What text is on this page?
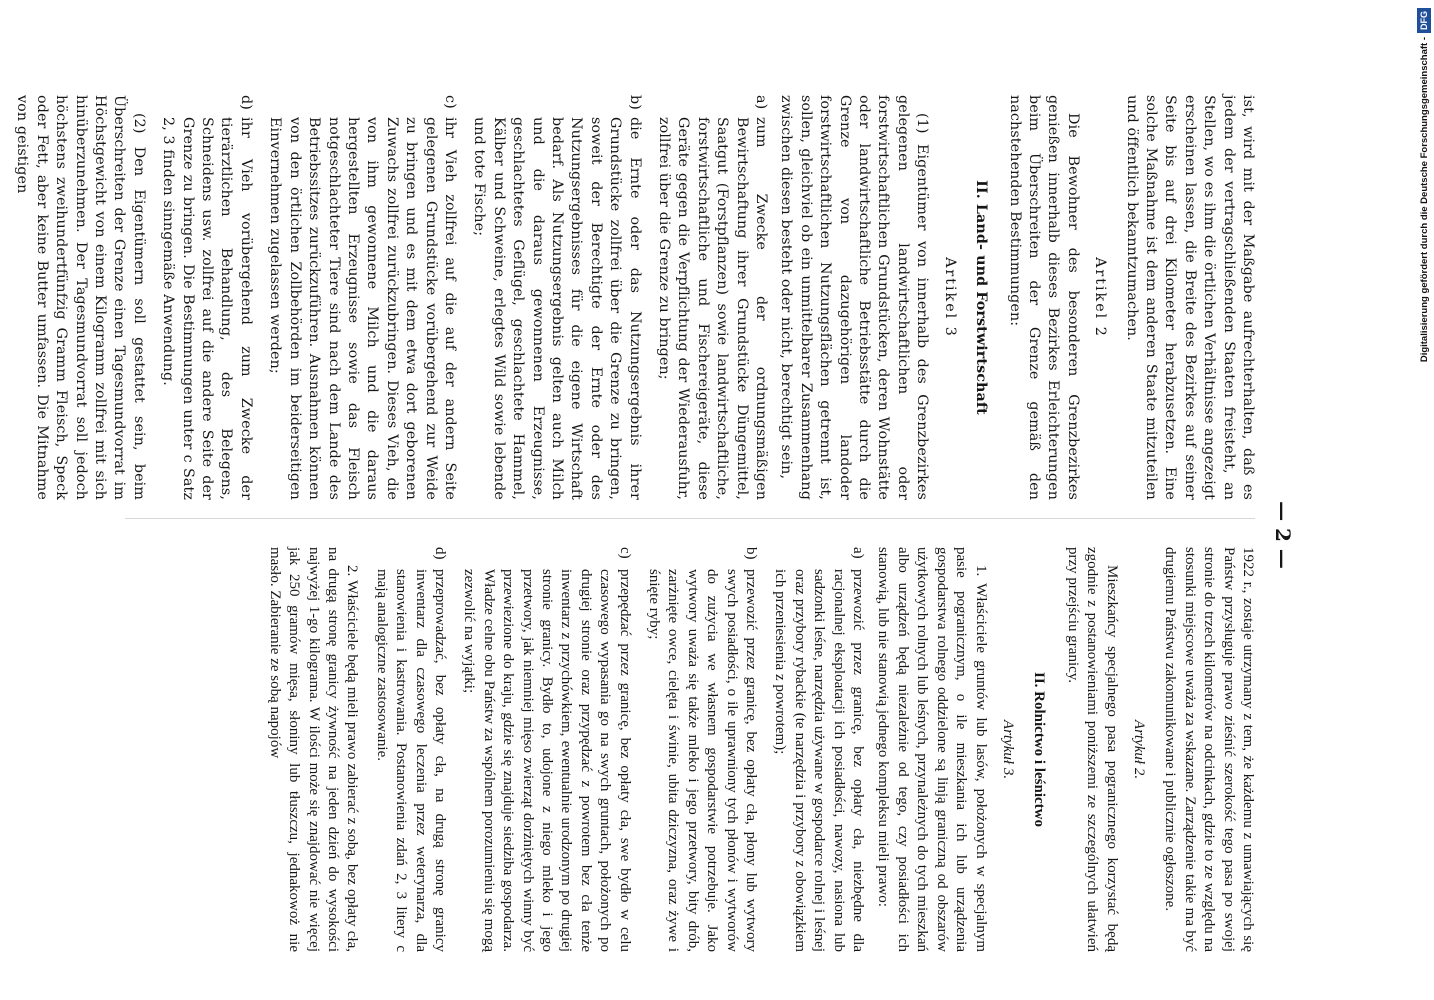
— 2 —

ist, wird mit der Maßgabe aufrechterhalten, daß es jedem der vertragschließenden Staaten freisteht, an Stellen, wo es ihm die örtlichen Verhältnisse angezeigt erscheinen lassen, die Breite des Bezirkes auf seiner Seite bis auf drei Kilometer herabzusetzen. Eine solche Maßnahme ist dem anderen Staate mitzuteilen und öffentlich bekanntzumachen.

Artikel 2

Die Bewohner des besonderen Grenzbezirkes genießen innerhalb dieses Bezirkes Erleichterungen beim Überschreiten der Grenze gemäß den nachstehenden Bestimmungen:

II. Land- und Forstwirtschaft
Artikel 3

(1) Eigentümer von innerhalb des Grenzbezirkes gelegenen landwirtschaftlichen oder forstwirtschaftlichen Grundstücken, deren Wohnstätte oder landwirtschaftliche Betriebsstätte durch die Grenze von dazugehörigen landoder forstwirtschaftlichen Nutzungsflächen getrennt ist, sollen, gleichviel ob ein unmittelbarer Zusammenhang zwischen diesen besteht oder nicht, berechtigt sein,

a)
zum Zwecke der ordnungsmäßigen Bewirtschaftung ihrer Grundstücke Düngemittel, Saatgut (Forstpflanzen) sowie landwirtschaftliche, forstwirtschaftliche und Fischereigeräte, diese Geräte gegen die Verpflichtung der Wiederausfuhr, zollfrei über die Grenze zu bringen;
b)
die Ernte oder das Nutzungsergebnis ihrer Grundstücke zollfrei über die Grenze zu bringen, soweit der Berechtigte der Ernte oder des Nutzungsergebnisses für die eigene Wirtschaft bedarf. Als Nutzungsergebnis gelten auch Milch und die daraus gewonnenen Erzeugnisse, geschlachtetes Geflügel, geschlachtete Hammel, Kälber und Schweine, erlegtes Wild sowie lebende und tote Fische;
c)
ihr Vieh zollfrei auf die auf der andern Seite gelegenen Grundstücke vorübergehend zur Weide zu bringen und es mit dem etwa dort geborenen Zuwachs zollfrei zurückzubringen. Dieses Vieh, die von ihm gewonnene Milch und die daraus hergestellten Erzeugnisse sowie das Fleisch notgeschlachteter Tiere sind nach dem Lande des Betriebssitzes zurückzuführen. Ausnahmen können von den örtlichen Zollbehörden im beiderseitigen Einvernehmen zugelassen werden;
d)
ihr Vieh vorübergehend zum Zwecke der tierärztlichen Behandlung, des Belegens, Schneidens usw. zollfrei auf die andere Seite der Grenze zu bringen. Die Bestimmungen unter c Satz 2, 3 finden sinngemäße Anwendung.

(2) Den Eigentümern soll gestattet sein, beim Überschreiten der Grenze einen Tagesmundvorrat im Höchstgewicht von einem Kilogramm zollfrei mit sich hinüberzunehmen. Der Tagesmundvorrat soll jedoch höchstens zweihundertfünfzig Gramm Fleisch, Speck oder Fett, aber keine Butter umfassen. Die Mitnahme von geistigen

1922 r., zostaje utrzymany z tem, że każdemu z umawiających się Państw przysługuje prawo zieśnić szerokość tego pasa po swojej stronie do trzech kilometrów na odcinkach, gdzie to ze względu na stosunki miejscowe uważa za wskazane. Zarządzenie takie ma być drugiemu Państwu zakomunikowane i publicznie ogłoszone.

Artykuł 2.

Mieszkańcy specjalnego pasa pogranicznego korzystać będą zgodnie z postanowieniami poniższemi ze szczególnych ułatwień przy przejściu granicy.

II. Rolnictwo i leśnictwo
Artykuł 3.

1. Właściciele gruntów lub lasów, położonych w specjalnym pasie pogranicznym, o ile mieszkania ich lub urządzenia gospodarstwa rolnego oddzielone są linją graniczną od obszarów użytkowych rolnych lub leśnych, przynależnych do tych mieszkań albo urządzeń będą niezależnie od tego, czy posiadłości ich stanowią, lub nie stanowią jednego kompleksu mieli prawo:

a)
przewozić przez granicę, bez opłaty cła, niezbędne dla racjonalnej eksploatacji ich posiadłości, nawozy, nasiona lub sadzonki leśne, narzędzia używane w gospodarce rolnej i leśnej oraz przybory rybackie (te narzędzia i przybory z obowiązkiem ich przeniesienia z powrotem);
b)
przewozić przez granicę, bez opłaty cła, płony lub wytwory swych posiadłości, o ile uprawniony tych płonów i wytworów do zużycia we własnem gospodarstwie potrzebuje. Jako wytwory uważa się także mleko i jego przetwory, bity drób, zarżnięte owce, cielęta i świnie, ubita dziczyzna, oraz żywe i śnięte ryby;
c)
przepędzać przez granicę, bez opłaty cła, swe bydło w celu czasowego wypasania go na swych gruntach, położonych po drugiej stronie oraz przypędzać z powrotem bez cła tenże inwentarz z przychówkiem, ewentualnie urodzonym po drugiej stronie granicy. Bydło to, udojone z niego mleko i jego przetwory, jak niemniej mięso zwierząt dorżniętych winny być przewiezione do kraju, gdzie się znajduje siedziba gospodarza. Władze celne obu Państw za wspólnem porozumieniu się mogą zezwolić na wyjątki;
d)
przeprowadzać, bez opłaty cła, na drugą stronę granicy inwentarz dla czasowego leczenia przez weterynarza, dla stanowienia i kastrowania. Postanowienia zdań 2, 3 litery c mają analogiczne zastosowanie.

2. Właściciele będą mieli prawo zabierać z sobą, bez opłaty cła, na drugą stronę granicy żywność na jeden dzień do wysokości najwyżej 1-go kilograma. W ilości może się znajdować nie więcej jak 250 gramów mięsa, słoniny lub tłuszczu, jednakowoż nie masło. Zabieranie ze sobą napojów

Digitalisierung gefördert durch die Deutsche Forschungsgemeinschaft -
DFG
